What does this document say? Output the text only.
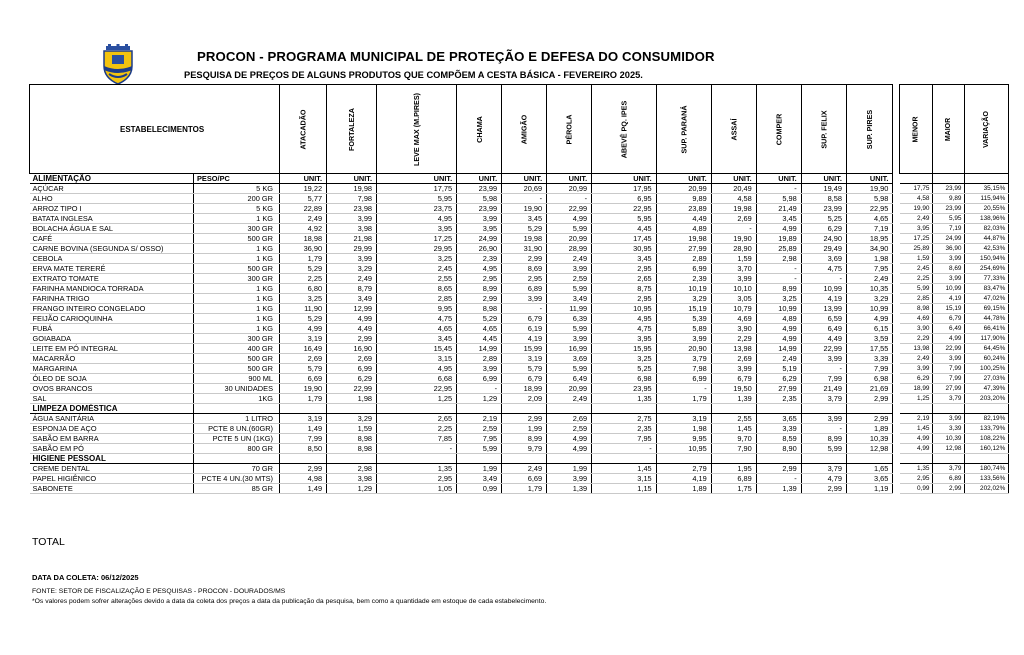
PROCON - PROGRAMA MUNICIPAL DE PROTEÇÃO E DEFESA DO CONSUMIDOR
PESQUISA DE PREÇOS DE ALGUNS PRODUTOS QUE COMPÕEM A CESTA BÁSICA - FEVEREIRO 2025.
ESTABELECIMENTOS		ATACADÃO	FORTALEZA	LEVE MAX (M.PIRES)	CHAMA	AMIGÃO	PÉROLA	ABEVÊ PQ. IPES	SUP. PARANÁ	ASSAÍ	COMPER	SUP. FELIX	SUP. PIRES		MENOR	MAIOR	VARIAÇÃO
ALIMENTAÇÃO	PESO/PC	UNIT.	UNIT.	UNIT.	UNIT.	UNIT.	UNIT.	UNIT.	UNIT.	UNIT.	UNIT.	UNIT.	UNIT.				
AÇÚCAR	5 KG	19,22	19,98	17,75	23,99	20,69	20,99	17,95	20,99	20,49	-	19,49	19,90		17,75	23,99	35,15%
ALHO	200 GR	5,77	7,98	5,95	5,98	-	-	6,95	9,89	4,58	5,98	8,58	5,98		4,58	9,89	115,94%
ARROZ TIPO I	5 KG	22,89	23,98	23,75	23,99	19,90	22,99	22,95	23,89	19,98	21,49	23,99	22,95		19,90	23,99	20,55%
BATATA INGLESA	1 KG	2,49	3,99	4,95	3,99	3,45	4,99	5,95	4,49	2,69	3,45	5,25	4,65		2,49	5,95	138,96%
BOLACHA ÁGUA E SAL	300 GR	4,92	3,98	3,95	3,95	5,29	5,99	4,45	4,89	-	4,99	6,29	7,19		3,95	7,19	82,03%
CAFÉ	500 GR	18,98	21,98	17,25	24,99	19,98	20,99	17,45	19,98	19,90	19,89	24,90	18,95		17,25	24,99	44,87%
CARNE BOVINA (SEGUNDA S/ OSSO)	1 KG	36,90	29,99	29,95	26,90	31,90	28,99	30,95	27,99	28,90	25,89	29,49	34,90		25,89	36,90	42,53%
CEBOLA	1 KG	1,79	3,99	3,25	2,39	2,99	2,49	3,45	2,89	1,59	2,98	3,69	1,98		1,59	3,99	150,94%
ERVA MATE TERERÉ	500 GR	5,29	3,29	2,45	4,95	8,69	3,99	2,95	6,99	3,70	-	4,75	7,95		2,45	8,69	254,69%
EXTRATO TOMATE	300 GR	2,25	2,49	2,55	2,95	2,95	2,59	2,65	2,39	3,99	-	-	2,49		2,25	3,99	77,33%
FARINHA MANDIOCA TORRADA	1 KG	6,80	8,79	8,65	8,99	6,89	5,99	8,75	10,19	10,10	8,99	10,99	10,35		5,99	10,99	83,47%
FARINHA TRIGO	1 KG	3,25	3,49	2,85	2,99	3,99	3,49	2,95	3,29	3,05	3,25	4,19	3,29		2,85	4,19	47,02%
FRANGO INTEIRO CONGELADO	1 KG	11,90	12,99	9,95	8,98	-	11,99	10,95	15,19	10,79	10,99	13,99	10,99		8,98	15,19	69,15%
FEIJÃO CARIOQUINHA	1 KG	5,29	4,99	4,75	5,29	6,79	6,39	4,95	5,39	4,69	4,89	6,59	4,99		4,69	6,79	44,78%
FUBÁ	1 KG	4,99	4,49	4,65	4,65	6,19	5,99	4,75	5,89	3,90	4,99	6,49	6,15		3,90	6,49	66,41%
GOIABADA	300 GR	3,19	2,99	3,45	4,45	4,19	3,99	3,95	3,99	2,29	4,99	4,49	3,59		2,29	4,99	117,90%
LEITE EM PÓ INTEGRAL	400 GR	16,49	16,90	15,45	14,99	15,99	16,99	15,95	20,90	13,98	14,99	22,99	17,55		13,98	22,99	64,45%
MACARRÃO	500 GR	2,69	2,69	3,15	2,89	3,19	3,69	3,25	3,79	2,69	2,49	3,99	3,39		2,49	3,99	60,24%
MARGARINA	500 GR	5,79	6,99	4,95	3,99	5,79	5,99	5,25	7,98	3,99	5,19	-	7,99		3,99	7,99	100,25%
ÓLEO DE SOJA	900 ML	6,69	6,29	6,68	6,99	6,79	6,49	6,98	6,99	6,79	6,29	7,99	6,98		6,29	7,99	27,03%
OVOS BRANCOS	30 UNIDADES	19,90	22,99	22,95	-	18,99	20,99	23,95	-	19,50	27,99	21,49	21,69		18,99	27,99	47,39%
SAL	1KG	1,79	1,98	1,25	1,29	2,09	2,49	1,35	1,79	1,39	2,35	3,79	2,99		1,25	3,79	203,20%
LIMPEZA DOMÉSTICA																	
ÁGUA SANITÁRIA	1 LITRO	3,19	3,29	2,65	2,19	2,99	2,69	2,75	3,19	2,55	3,65	3,99	2,99		2,19	3,99	82,19%
ESPONJA DE AÇO	PCTE 8 UN.(60GR)	1,49	1,59	2,25	2,59	1,99	2,59	2,35	1,98	1,45	3,39	-	1,89		1,45	3,39	133,79%
SABÃO EM BARRA	PCTE 5 UN (1KG)	7,99	8,98	7,85	7,95	8,99	4,99	7,95	9,95	9,70	8,59	8,99	10,39		4,99	10,39	108,22%
SABÃO EM PÓ	800 GR	8,50	8,98	-	5,99	9,79	4,99	-	10,95	7,90	8,90	5,99	12,98		4,99	12,98	160,12%
HIGIENE PESSOAL																	
CREME DENTAL	70 GR	2,99	2,98	1,35	1,99	2,49	1,99	1,45	2,79	1,95	2,99	3,79	1,65		1,35	3,79	180,74%
PAPEL HIGIÊNICO	PCTE 4 UN.(30 MTS)	4,98	3,98	2,95	3,49	6,69	3,99	3,15	4,19	6,89	-	4,79	3,65		2,95	6,89	133,56%
SABONETE	85 GR	1,49	1,29	1,05	0,99	1,79	1,39	1,15	1,89	1,75	1,39	2,99	1,19		0,99	2,99	202,02%
TOTAL
DATA DA COLETA: 06/12/2025
FONTE: SETOR DE FISCALIZAÇÃO E PESQUISAS - PROCON - DOURADOS/MS
*Os valores podem sofrer alterações devido a data da coleta dos preços a data da publicação da pesquisa, bem como a quantidade em estoque de cada estabelecimento.
